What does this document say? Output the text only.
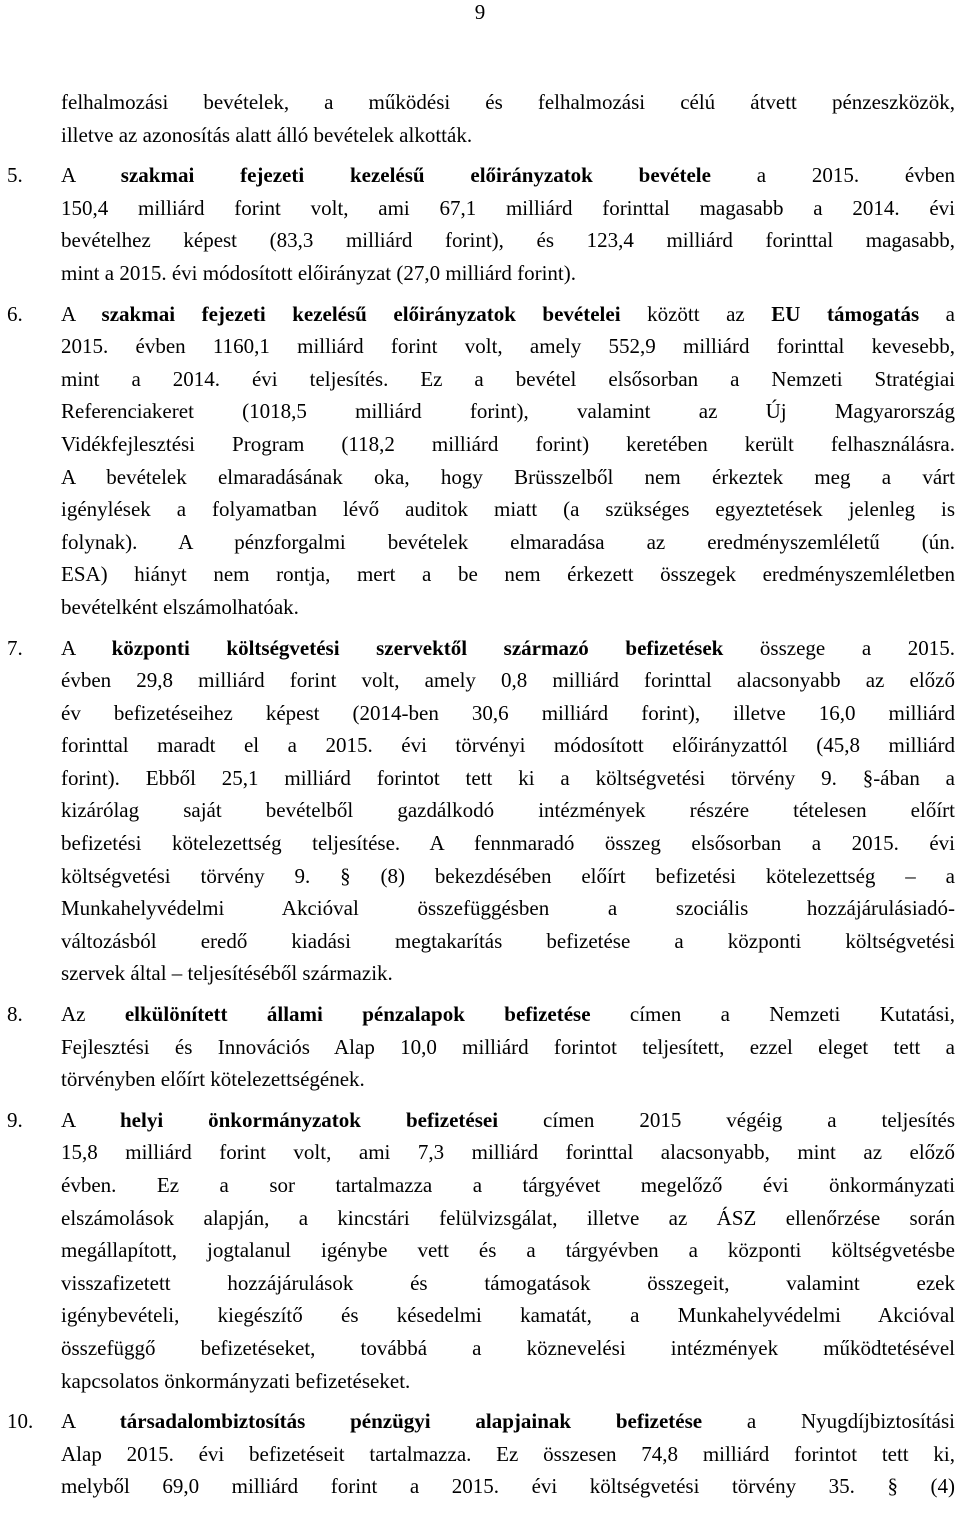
9
felhalmozási bevételek, a működési és felhalmozási célú átvett pénzeszközök,
illetve az azonosítás alatt álló bevételek alkották.
5. A szakmai fejezeti kezelésű előirányzatok bevétele a 2015. évben
150,4 milliárd forint volt, ami 67,1 milliárd forinttal magasabb a 2014. évi
bevételhez képest (83,3 milliárd forint), és 123,4 milliárd forinttal magasabb,
mint a 2015. évi módosított előirányzat (27,0 milliárd forint).
6. A szakmai fejezeti kezelésű előirányzatok bevételei között az EU támogatás a
2015. évben 1160,1 milliárd forint volt, amely 552,9 milliárd forinttal kevesebb,
mint a 2014. évi teljesítés. Ez a bevétel elsősorban a Nemzeti Stratégiai
Referenciakeret (1018,5 milliárd forint), valamint az Új Magyarország
Vidékfejlesztési Program (118,2 milliárd forint) keretében került felhasználásra.
A bevételek elmaradásának oka, hogy Brüsszelből nem érkeztek meg a várt
igénylések a folyamatban lévő auditok miatt (a szükséges egyeztetések jelenleg is
folynak). A pénzforgalmi bevételek elmaradása az eredményszemléletű (ún.
ESA) hiányt nem rontja, mert a be nem érkezett összegek eredményszemléletben
bevételként elszámolhatóak.
7. A központi költségvetési szervektől származó befizetések összege a 2015.
évben 29,8 milliárd forint volt, amely 0,8 milliárd forinttal alacsonyabb az előző
év befizetéseihez képest (2014-ben 30,6 milliárd forint), illetve 16,0 milliárd
forinttal maradt el a 2015. évi törvényi módosított előirányzattól (45,8 milliárd
forint). Ebből 25,1 milliárd forintot tett ki a költségvetési törvény 9. §-ában a
kizárólag saját bevételből gazdálkodó intézmények részére tételesen előírt
befizetési kötelezettség teljesítése. A fennmaradó összeg elsősorban a 2015. évi
költségvetési törvény 9. § (8) bekezdésében előírt befizetési kötelezettség – a
Munkahelyvédelmi Akcióval összefüggésben a szociális hozzájárulásiadó-
változásból eredő kiadási megtakarítás befizetése a központi költségvetési
szervek által – teljesítéséből származik.
8. Az elkülönített állami pénzalapok befizetése címen a Nemzeti Kutatási,
Fejlesztési és Innovációs Alap 10,0 milliárd forintot teljesített, ezzel eleget tett a
törvényben előírt kötelezettségének.
9. A helyi önkormányzatok befizetései címen 2015 végéig a teljesítés
15,8 milliárd forint volt, ami 7,3 milliárd forinttal alacsonyabb, mint az előző
évben. Ez a sor tartalmazza a tárgyévet megelőző évi önkormányzati
elszámolások alapján, a kincstári felülvizsgálat, illetve az ÁSZ ellenőrzése során
megállapított, jogtalanul igénybe vett és a tárgyévben a központi költségvetésbe
visszafizetett hozzájárulások és támogatások összegeit, valamint ezek
igénybevételi, kiegészítő és késedelmi kamatát, a Munkahelyvédelmi Akcióval
összefüggő befizetéseket, továbbá a köznevelési intézmények működtetésével
kapcsolatos önkormányzati befizetéseket.
10. A társadalombiztosítás pénzügyi alapjainak befizetése a Nyugdíjbiztosítási
Alap 2015. évi befizetéseit tartalmazza. Ez összesen 74,8 milliárd forintot tett ki,
melyből 69,0 milliárd forint a 2015. évi költségvetési törvény 35. § (4)
